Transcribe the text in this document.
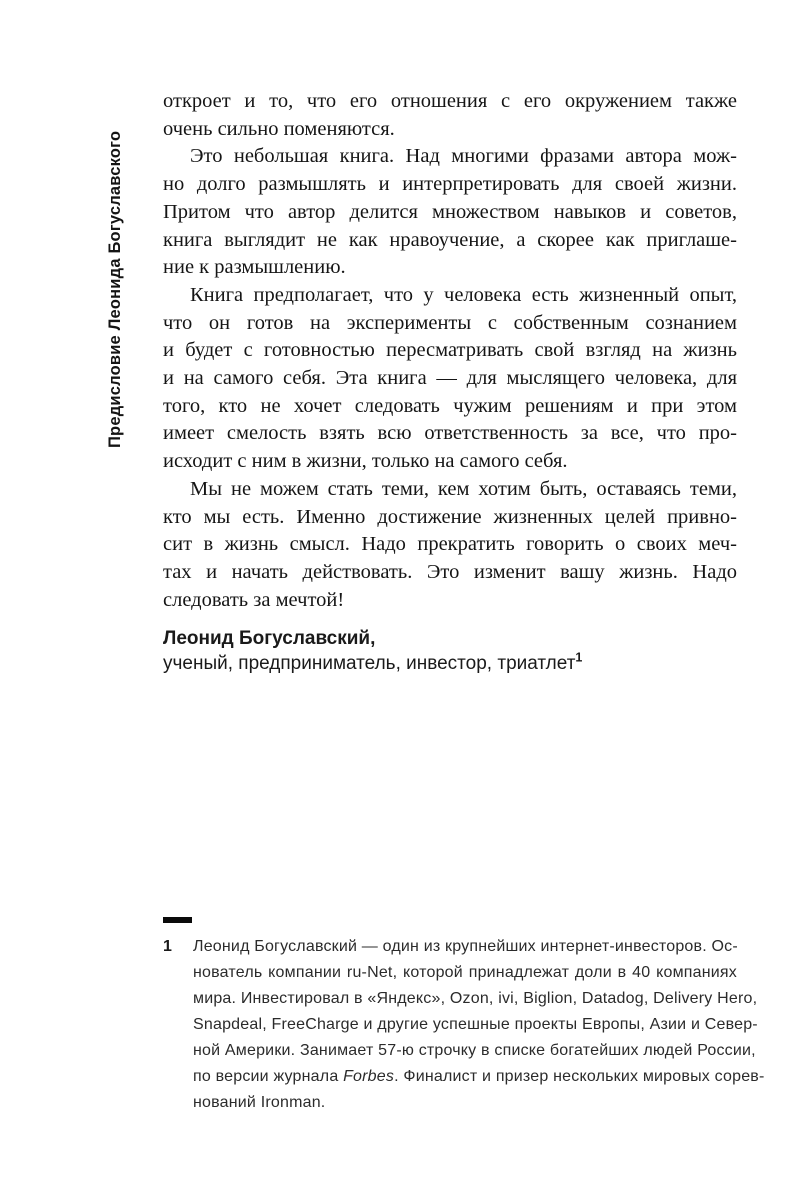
Предисловие Леонида Богуславского
откроет и то, что его отношения с его окружением также
очень сильно поменяются.
Это небольшая книга. Над многими фразами автора мож-
но долго размышлять и интерпретировать для своей жизни.
Притом что автор делится множеством навыков и советов,
книга выглядит не как нравоучение, а скорее как приглаше-
ние к размышлению.
Книга предполагает, что у человека есть жизненный опыт,
что он готов на эксперименты с собственным сознанием
и будет с готовностью пересматривать свой взгляд на жизнь
и на самого себя. Эта книга — для мыслящего человека, для
того, кто не хочет следовать чужим решениям и при этом
имеет смелость взять всю ответственность за все, что про-
исходит с ним в жизни, только на самого себя.
Мы не можем стать теми, кем хотим быть, оставаясь теми,
кто мы есть. Именно достижение жизненных целей привно-
сит в жизнь смысл. Надо прекратить говорить о своих меч-
тах и начать действовать. Это изменит вашу жизнь. Надо
следовать за мечтой!
Леонид Богуславский,
ученый, предприниматель, инвестор, триатлет$^1$
1 Леонид Богуславский — один из крупнейших интернет-инвесторов. Ос-
нователь компании ru-Net, которой принадлежат доли в 40 компаниях
мира. Инвестировал в «Яндекс», Ozon, ivi, Biglion, Datadog, Delivery Hero,
Snapdeal, FreeCharge и другие успешные проекты Европы, Азии и Север-
ной Америки. Занимает 57-ю строчку в списке богатейших людей России,
по версии журнала Forbes. Финалист и призер нескольких мировых сорев-
нований Ironman.
